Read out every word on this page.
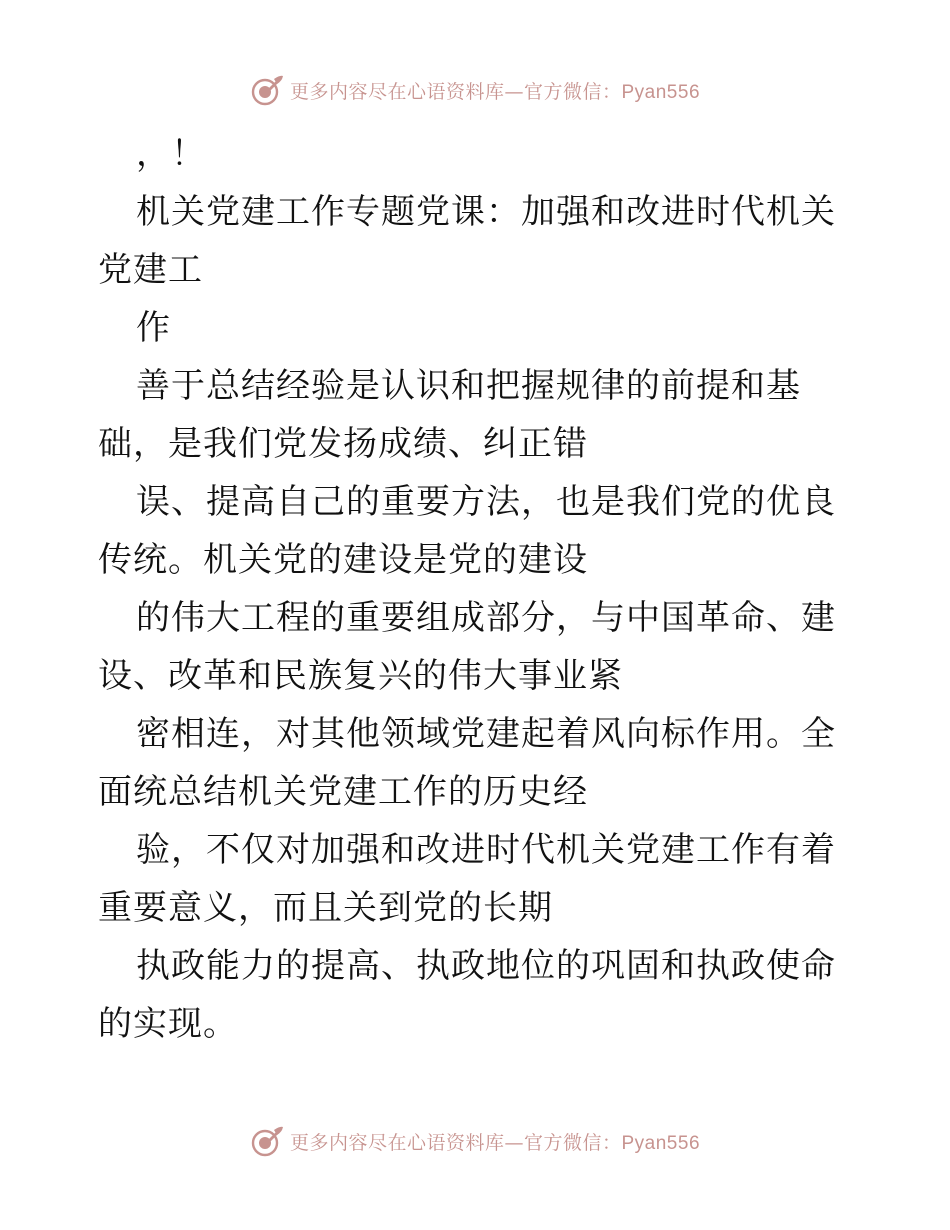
更多内容尽在心语资料库—官方微信：Pyan556

，！

机关党建工作专题党课：加强和改进时代机关党建工

作

善于总结经验是认识和把握规律的前提和基础，是我们党发扬成绩、纠正错

误、提高自己的重要方法，也是我们党的优良传统。机关党的建设是党的建设

的伟大工程的重要组成部分，与中国革命、建设、改革和民族复兴的伟大事业紧

密相连，对其他领域党建起着风向标作用。全面统总结机关党建工作的历史经

验，不仅对加强和改进时代机关党建工作有着重要意义，而且关到党的长期

执政能力的提高、执政地位的巩固和执政使命的实现。

更多内容尽在心语资料库—官方微信：Pyan556
